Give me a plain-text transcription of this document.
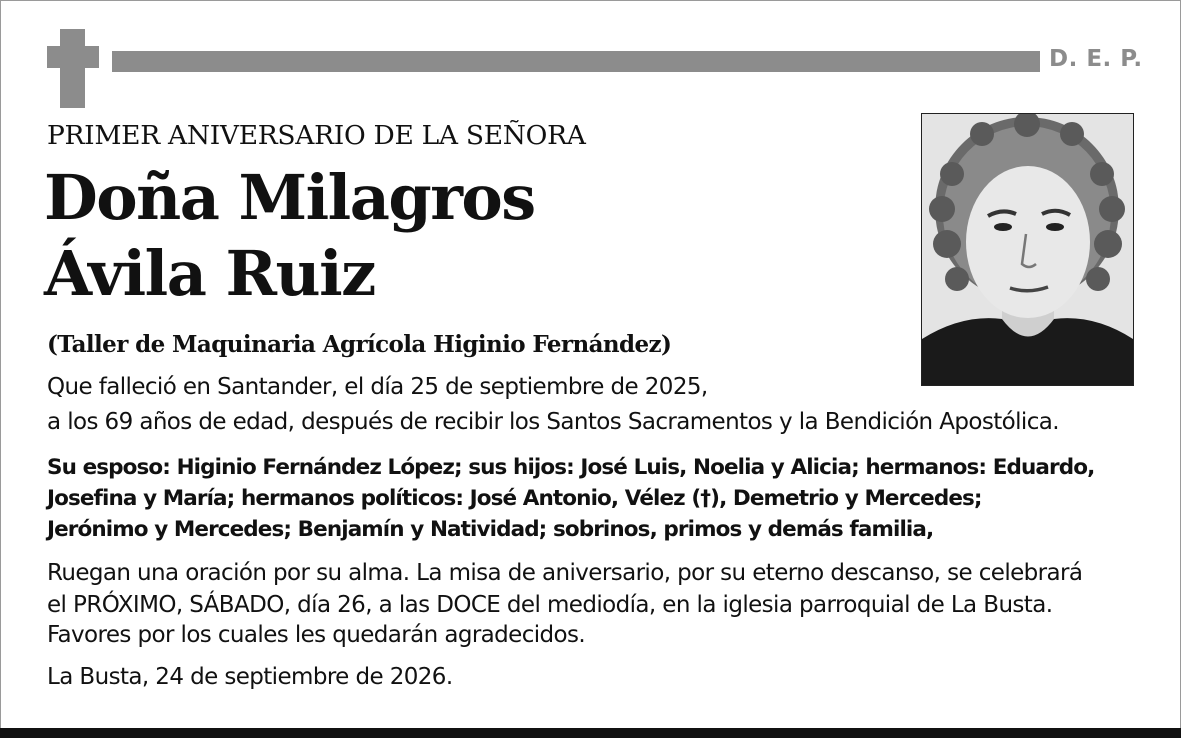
D. E. P.
PRIMER ANIVERSARIO DE LA SEÑORA
Doña Milagros
Ávila Ruiz
(Taller de Maquinaria Agrícola Higinio Fernández)
Que falleció en Santander, el día 25 de septiembre de 2025,
a los 69 años de edad, después de recibir los Santos Sacramentos y la Bendición Apostólica.
Su esposo: Higinio Fernández López; sus hijos: José Luis, Noelia y Alicia; hermanos: Eduardo,
Josefina y María; hermanos políticos: José Antonio, Vélez (†), Demetrio y Mercedes;
Jerónimo y Mercedes; Benjamín y Natividad; sobrinos, primos y demás familia,
Ruegan una oración por su alma. La misa de aniversario, por su eterno descanso, se celebrará
el PRÓXIMO, SÁBADO, día 26, a las DOCE del mediodía, en la iglesia parroquial de La Busta.
Favores por los cuales les quedarán agradecidos.
La Busta, 24 de septiembre de 2026.
